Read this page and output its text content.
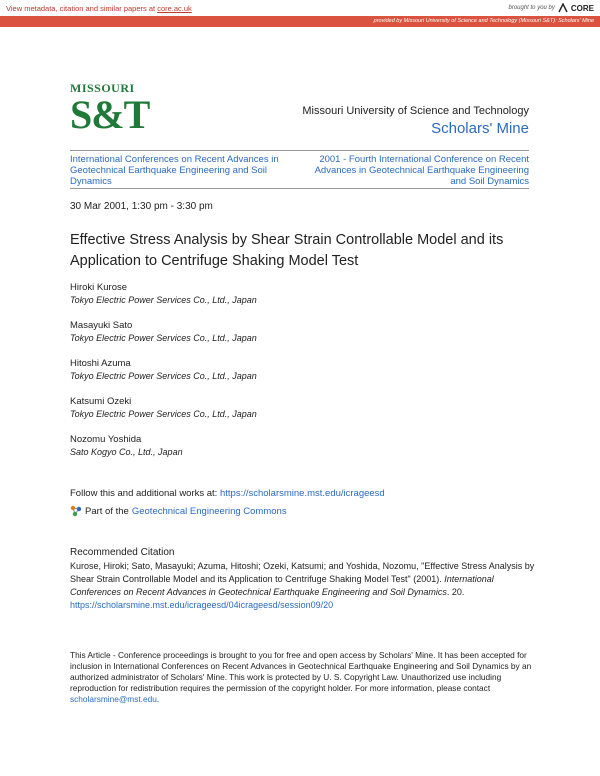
View metadata, citation and similar papers at core.ac.uk	brought to you by CORE
provided by Missouri University of Science and Technology (Missouri S&T): Scholars' Mine
MISSOURI
S&T	Missouri University of Science and Technology
Scholars' Mine
International Conferences on Recent Advances in Geotechnical Earthquake Engineering and Soil Dynamics
2001 - Fourth International Conference on Recent Advances in Geotechnical Earthquake Engineering and Soil Dynamics
30 Mar 2001, 1:30 pm - 3:30 pm
Effective Stress Analysis by Shear Strain Controllable Model and its Application to Centrifuge Shaking Model Test
Hiroki Kurose
Tokyo Electric Power Services Co., Ltd., Japan
Masayuki Sato
Tokyo Electric Power Services Co., Ltd., Japan
Hitoshi Azuma
Tokyo Electric Power Services Co., Ltd., Japan
Katsumi Ozeki
Tokyo Electric Power Services Co., Ltd., Japan
Nozomu Yoshida
Sato Kogyo Co., Ltd., Japan
Follow this and additional works at: https://scholarsmine.mst.edu/icrageesd
Part of the Geotechnical Engineering Commons
Recommended Citation
Kurose, Hiroki; Sato, Masayuki; Azuma, Hitoshi; Ozeki, Katsumi; and Yoshida, Nozomu, "Effective Stress Analysis by Shear Strain Controllable Model and its Application to Centrifuge Shaking Model Test" (2001). International Conferences on Recent Advances in Geotechnical Earthquake Engineering and Soil Dynamics. 20.
https://scholarsmine.mst.edu/icrageesd/04icrageesd/session09/20
This Article - Conference proceedings is brought to you for free and open access by Scholars' Mine. It has been accepted for inclusion in International Conferences on Recent Advances in Geotechnical Earthquake Engineering and Soil Dynamics by an authorized administrator of Scholars' Mine. This work is protected by U. S. Copyright Law. Unauthorized use including reproduction for redistribution requires the permission of the copyright holder. For more information, please contact scholarsmine@mst.edu.
